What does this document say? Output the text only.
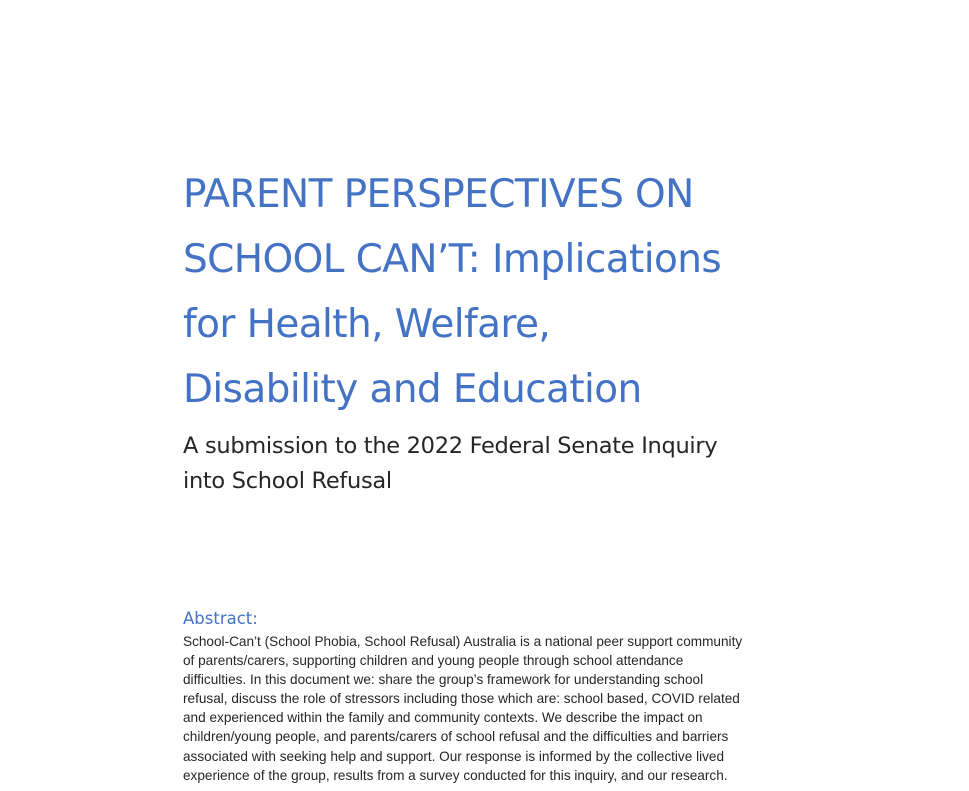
PARENT PERSPECTIVES ON
SCHOOL CAN’T: Implications
for Health, Welfare,
Disability and Education
A submission to the 2022 Federal Senate Inquiry
into School Refusal
Abstract:

School-Can’t (School Phobia, School Refusal) Australia is a national peer support community
of parents/carers, supporting children and young people through school attendance
difficulties. In this document we: share the group’s framework for understanding school
refusal, discuss the role of stressors including those which are: school based, COVID related
and experienced within the family and community contexts. We describe the impact on
children/young people, and parents/carers of school refusal and the difficulties and barriers
associated with seeking help and support. Our response is informed by the collective lived
experience of the group, results from a survey conducted for this inquiry, and our research.
